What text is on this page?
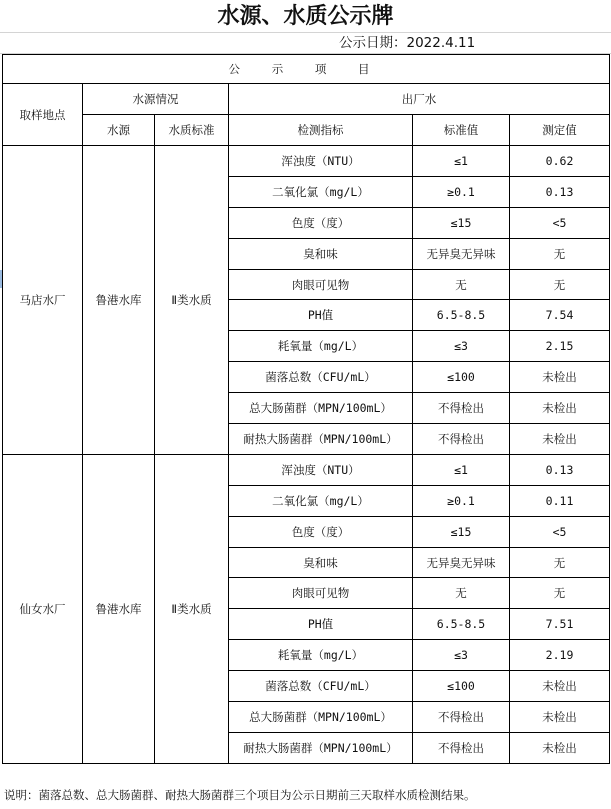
水源、水质公示牌
公示日期：2022.4.11
公 示 项 目					
取样地点	水源情况		出厂水		
	水源	水质标准	检测指标	标准值	测定值
马店水厂	鲁港水库	Ⅱ类水质	浑浊度（NTU）	≤1	0.62
			二氧化氯（mg/L）	≥0.1	0.13
			色度（度）	≤15	<5
			臭和味	无异臭无异味	无
			肉眼可见物	无	无
			PH值	6.5-8.5	7.54
			耗氧量（mg/L）	≤3	2.15
			菌落总数（CFU/mL）	≤100	未检出
			总大肠菌群（MPN/100mL）	不得检出	未检出
			耐热大肠菌群（MPN/100mL）	不得检出	未检出
仙女水厂	鲁港水库	Ⅱ类水质	浑浊度（NTU）	≤1	0.13
			二氧化氯（mg/L）	≥0.1	0.11
			色度（度）	≤15	<5
			臭和味	无异臭无异味	无
			肉眼可见物	无	无
			PH值	6.5-8.5	7.51
			耗氧量（mg/L）	≤3	2.19
			菌落总数（CFU/mL）	≤100	未检出
			总大肠菌群（MPN/100mL）	不得检出	未检出
			耐热大肠菌群（MPN/100mL）	不得检出	未检出
说明：菌落总数、总大肠菌群、耐热大肠菌群三个项目为公示日期前三天取样水质检测结果。
